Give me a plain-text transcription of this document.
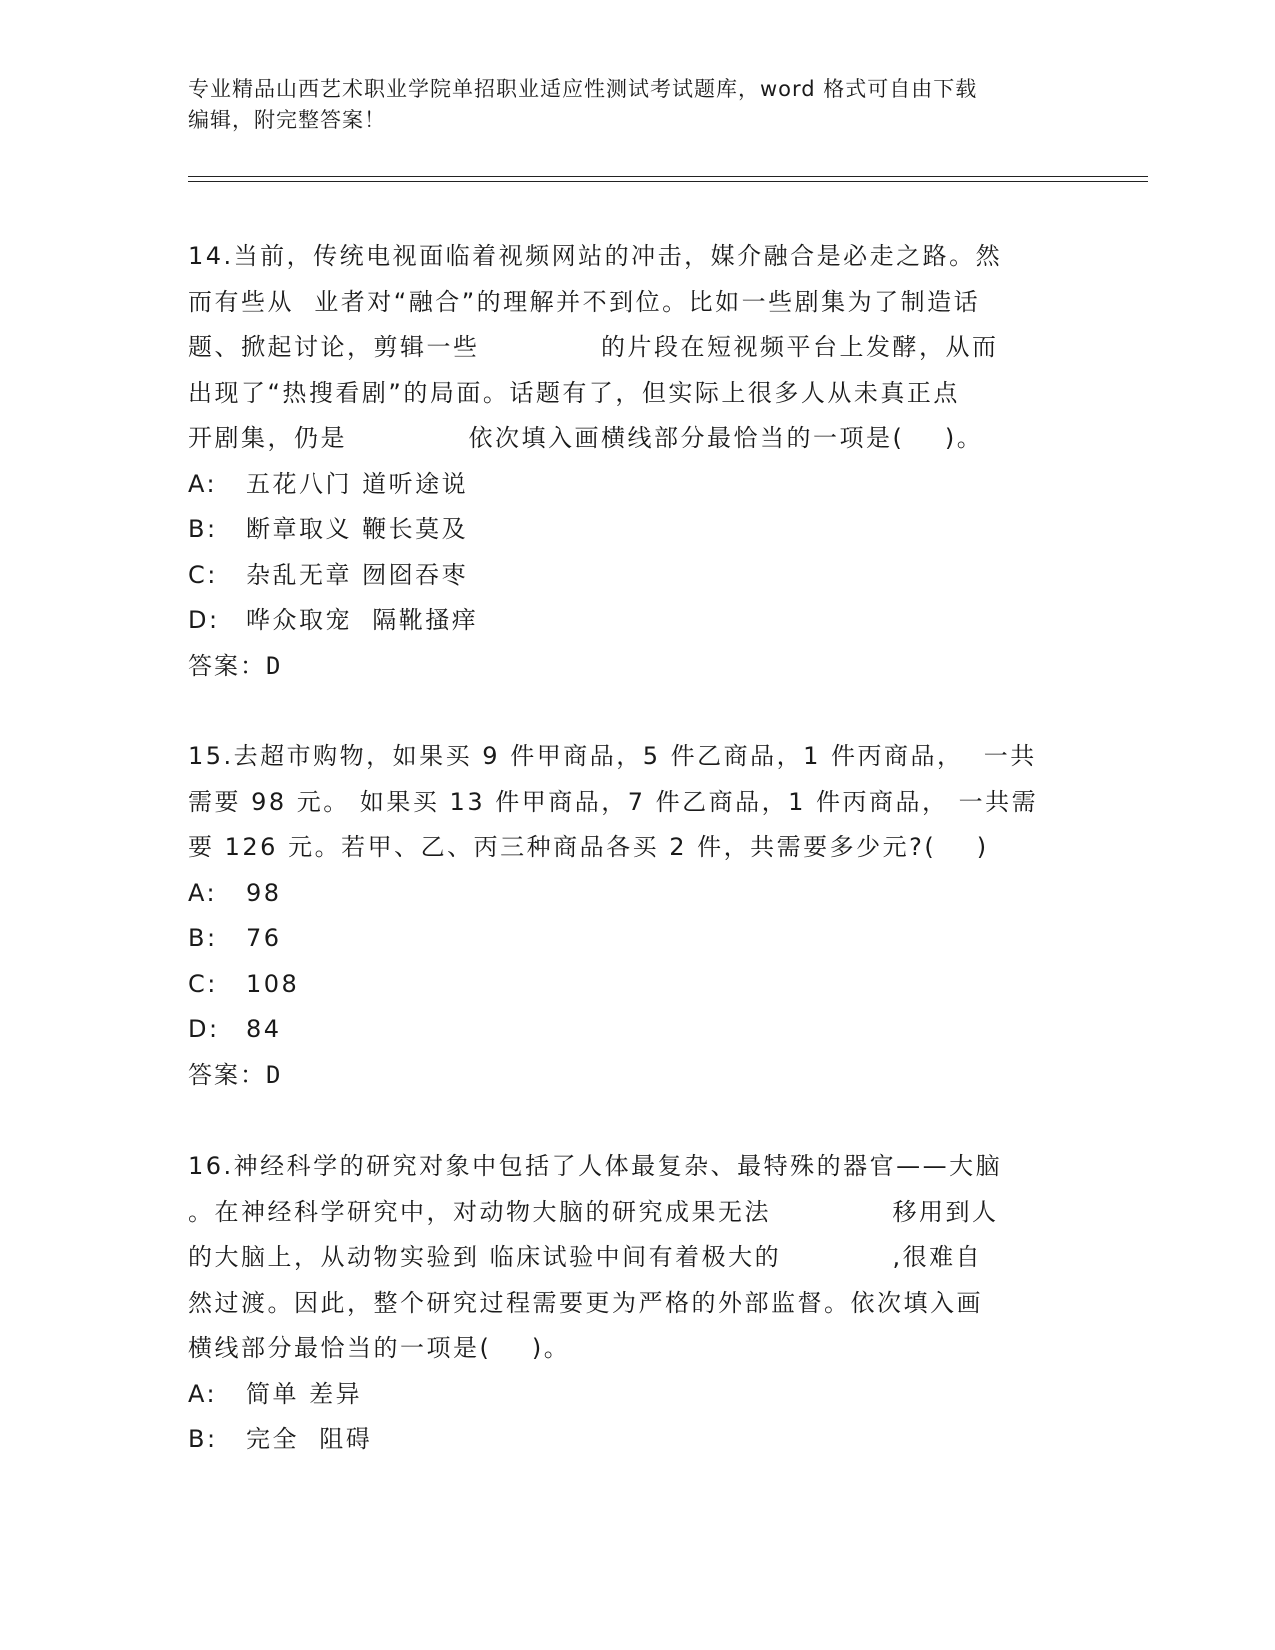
专业精品山西艺术职业学院单招职业适应性测试考试题库，word 格式可自由下载
编辑，附完整答案！

14.当前，传统电视面临着视频网站的冲击，媒介融合是必走之路。然

而有些从  业者对“融合”的理解并不到位。比如一些剧集为了制造话

题、掀起讨论，剪辑一些            的片段在短视频平台上发酵，从而

出现了“热搜看剧”的局面。话题有了，但实际上很多人从未真正点

开剧集，仍是            依次填入画横线部分最恰当的一项是(    )。

A:	五花八门 道听途说
B:	断章取义 鞭长莫及
C:	杂乱无章 囫囵吞枣
D:	哗众取宠  隔靴搔痒

答案：D

15.去超市购物，如果买 9 件甲商品，5 件乙商品，1 件丙商品，  一共

需要 98 元。 如果买 13 件甲商品，7 件乙商品，1 件丙商品， 一共需

要 126 元。若甲、乙、丙三种商品各买 2 件，共需要多少元?(    )

A:	98
B:	76
C:	108
D:	84

答案：D

16.神经科学的研究对象中包括了人体最复杂、最特殊的器官——大脑

。在神经科学研究中，对动物大脑的研究成果无法            移用到人

的大脑上，从动物实验到 临床试验中间有着极大的           ,很难自

然过渡。因此，整个研究过程需要更为严格的外部监督。依次填入画

横线部分最恰当的一项是(    )。

A:	简单 差异
B:	完全  阻碍
